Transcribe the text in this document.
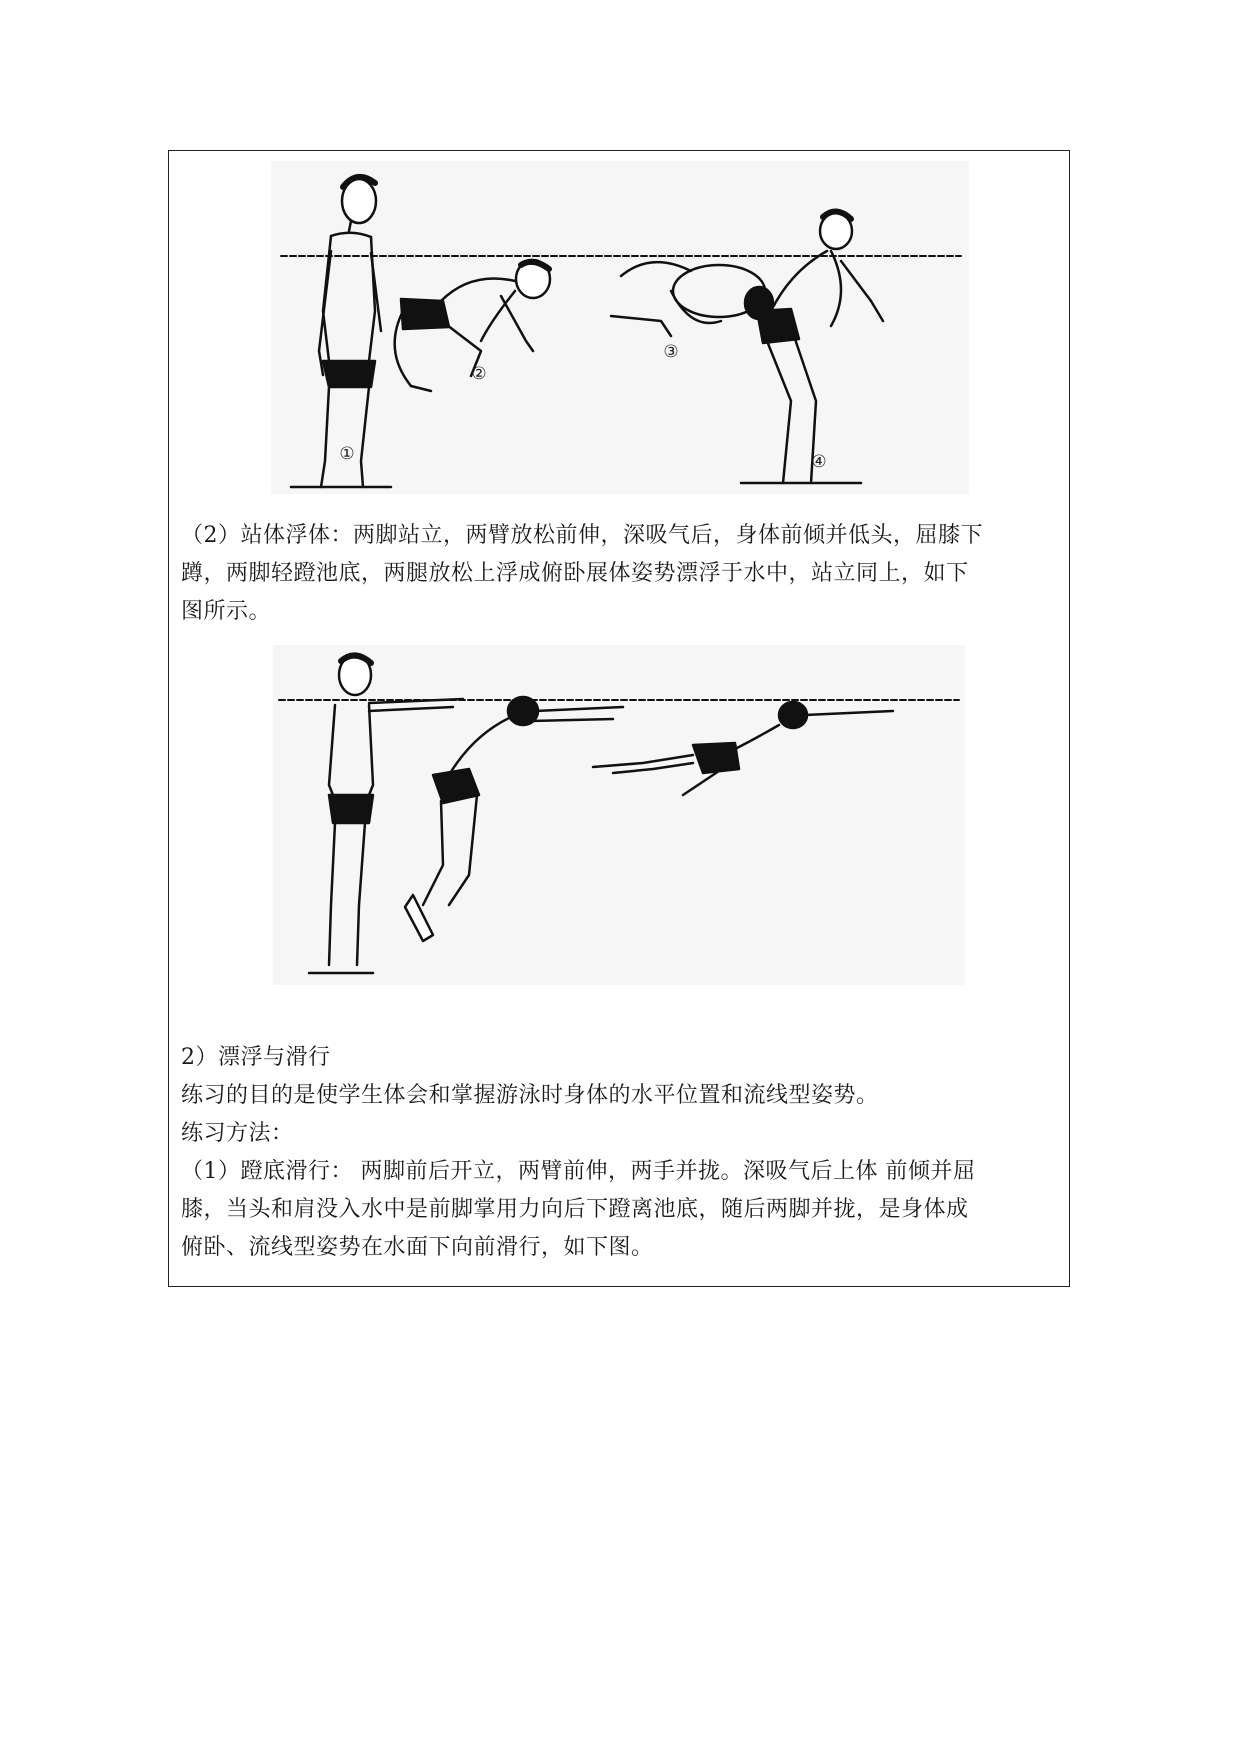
①
②
③
④
（2）站体浮体：两脚站立，两臂放松前伸，深吸气后，身体前倾并低头，屈膝下
蹲，两脚轻蹬池底，两腿放松上浮成俯卧展体姿势漂浮于水中，站立同上，如下
图所示。
2）漂浮与滑行
练习的目的是使学生体会和掌握游泳时身体的水平位置和流线型姿势。
练习方法：
（1）蹬底滑行： 两脚前后开立，两臂前伸，两手并拢。深吸气后上体 前倾并屈
膝，当头和肩没入水中是前脚掌用力向后下蹬离池底，随后两脚并拢，是身体成
俯卧、流线型姿势在水面下向前滑行，如下图。
